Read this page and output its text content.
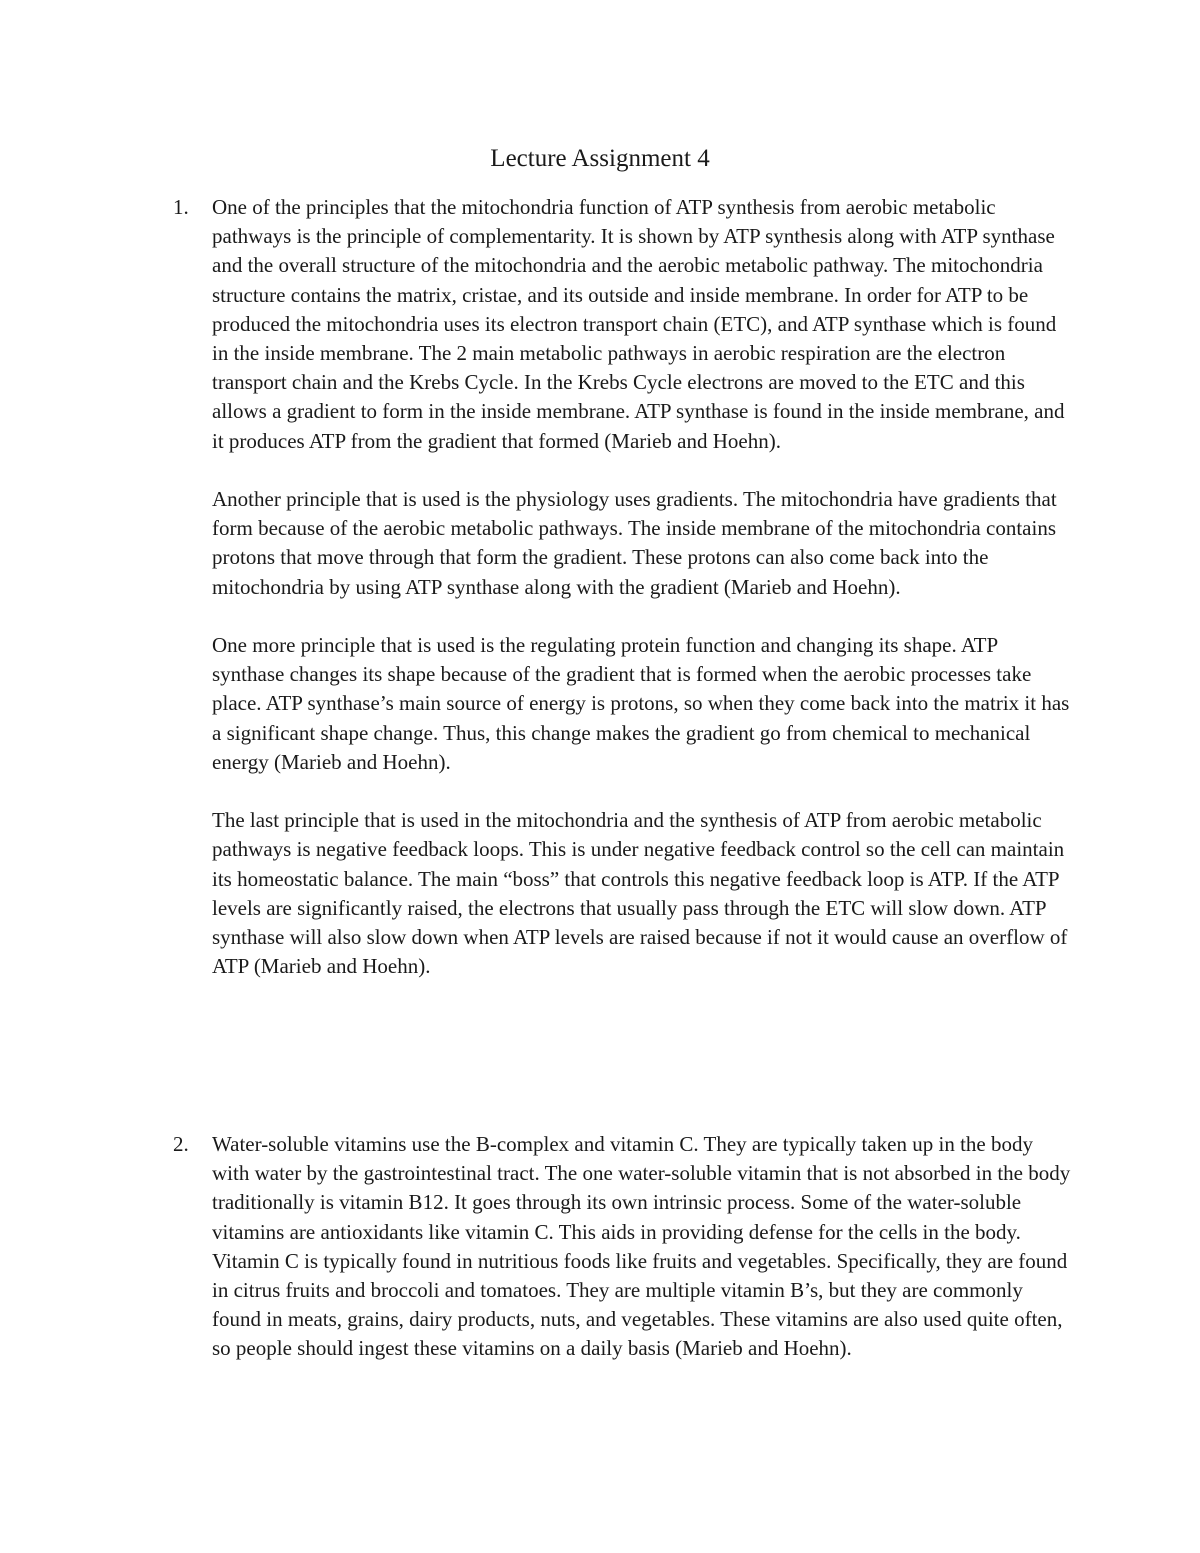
Lecture Assignment 4
1. One of the principles that the mitochondria function of ATP synthesis from aerobic metabolic pathways is the principle of complementarity. It is shown by ATP synthesis along with ATP synthase and the overall structure of the mitochondria and the aerobic metabolic pathway. The mitochondria structure contains the matrix, cristae, and its outside and inside membrane. In order for ATP to be produced the mitochondria uses its electron transport chain (ETC), and ATP synthase which is found in the inside membrane. The 2 main metabolic pathways in aerobic respiration are the electron transport chain and the Krebs Cycle. In the Krebs Cycle electrons are moved to the ETC and this allows a gradient to form in the inside membrane. ATP synthase is found in the inside membrane, and it produces ATP from the gradient that formed (Marieb and Hoehn).

Another principle that is used is the physiology uses gradients. The mitochondria have gradients that form because of the aerobic metabolic pathways. The inside membrane of the mitochondria contains protons that move through that form the gradient. These protons can also come back into the mitochondria by using ATP synthase along with the gradient (Marieb and Hoehn).

One more principle that is used is the regulating protein function and changing its shape. ATP synthase changes its shape because of the gradient that is formed when the aerobic processes take place. ATP synthase’s main source of energy is protons, so when they come back into the matrix it has a significant shape change. Thus, this change makes the gradient go from chemical to mechanical energy (Marieb and Hoehn).

The last principle that is used in the mitochondria and the synthesis of ATP from aerobic metabolic pathways is negative feedback loops. This is under negative feedback control so the cell can maintain its homeostatic balance. The main “boss” that controls this negative feedback loop is ATP. If the ATP levels are significantly raised, the electrons that usually pass through the ETC will slow down. ATP synthase will also slow down when ATP levels are raised because if not it would cause an overflow of ATP (Marieb and Hoehn).

2. Water-soluble vitamins use the B-complex and vitamin C. They are typically taken up in the body with water by the gastrointestinal tract. The one water-soluble vitamin that is not absorbed in the body traditionally is vitamin B12. It goes through its own intrinsic process. Some of the water-soluble vitamins are antioxidants like vitamin C. This aids in providing defense for the cells in the body. Vitamin C is typically found in nutritious foods like fruits and vegetables. Specifically, they are found in citrus fruits and broccoli and tomatoes. They are multiple vitamin B’s, but they are commonly found in meats, grains, dairy products, nuts, and vegetables. These vitamins are also used quite often, so people should ingest these vitamins on a daily basis (Marieb and Hoehn).
